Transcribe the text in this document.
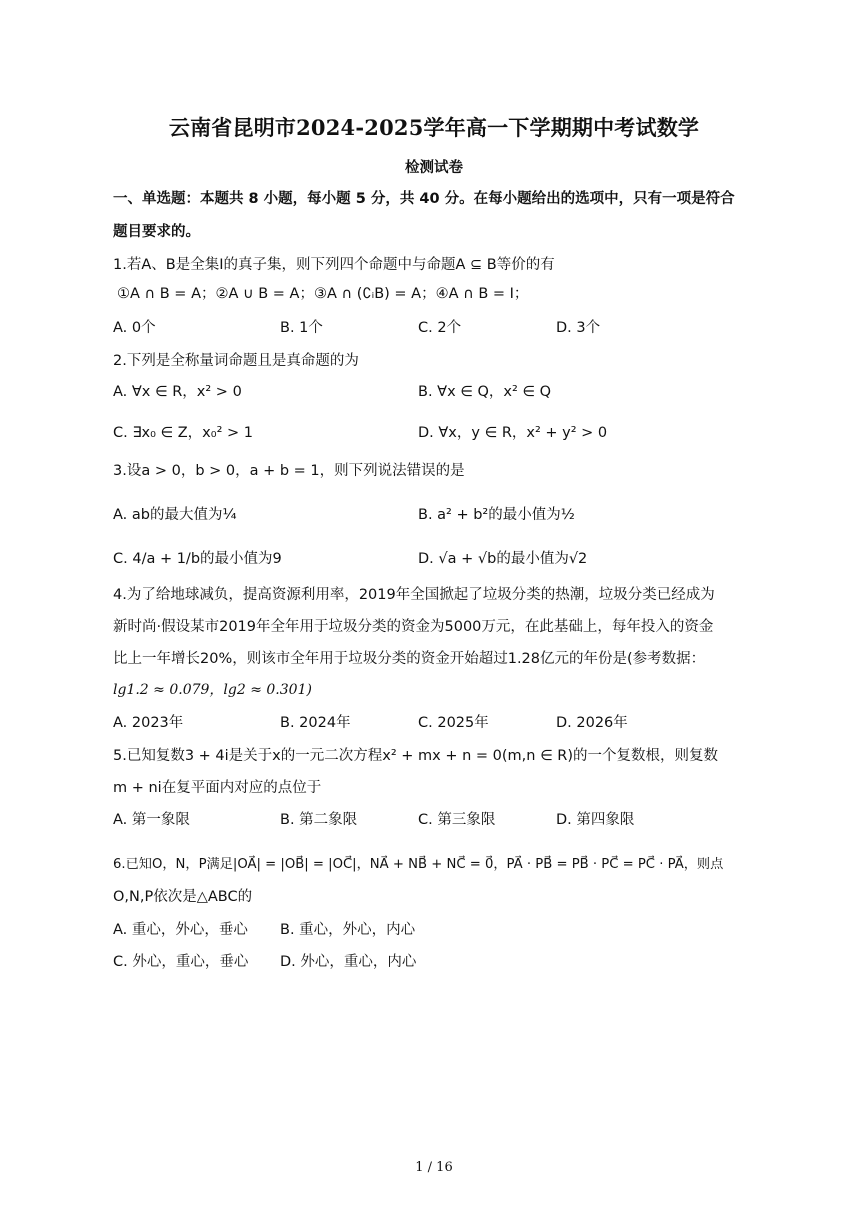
云南省昆明市2024-2025学年高一下学期期中考试数学
检测试卷
一、单选题：本题共 8 小题，每小题 5 分，共 40 分。在每小题给出的选项中，只有一项是符合
题目要求的。
1.若A、B是全集I的真子集，则下列四个命题中与命题A ⊆ B等价的有
①A ∩ B = A；②A ∪ B = A；③A ∩ (∁ᵢB) = A；④A ∩ B = I；
A. 0个	B. 1个	C. 2个	D. 3个
2.下列是全称量词命题且是真命题的为
A. ∀x ∈ R，x² > 0	B. ∀x ∈ Q，x² ∈ Q
C. ∃x₀ ∈ Z，x₀² > 1	D. ∀x，y ∈ R，x² + y² > 0
3.设a > 0，b > 0，a + b = 1，则下列说法错误的是
A. ab的最大值为¼	B. a² + b²的最小值为½
C. 4/a + 1/b的最小值为9	D. √a + √b的最小值为√2
4.为了给地球减负，提高资源利用率，2019年全国掀起了垃圾分类的热潮，垃圾分类已经成为
新时尚·假设某市2019年全年用于垃圾分类的资金为5000万元，在此基础上，每年投入的资金
比上一年增长20%，则该市全年用于垃圾分类的资金开始超过1.28亿元的年份是(参考数据：
lg1.2 ≈ 0.079，lg2 ≈ 0.301)
A. 2023年	B. 2024年	C. 2025年	D. 2026年
5.已知复数3 + 4i是关于x的一元二次方程x² + mx + n = 0(m,n ∈ R)的一个复数根，则复数
m + ni在复平面内对应的点位于
A. 第一象限	B. 第二象限	C. 第三象限	D. 第四象限
6.已知O，N，P满足|OA⃗| = |OB⃗| = |OC⃗|，NA⃗ + NB⃗ + NC⃗ = 0⃗，PA⃗ · PB⃗ = PB⃗ · PC⃗ = PC⃗ · PA⃗，则点
O,N,P依次是△ABC的
A. 重心，外心，垂心 B. 重心，外心，内心
C. 外心，重心，垂心 D. 外心，重心，内心
1 / 16
